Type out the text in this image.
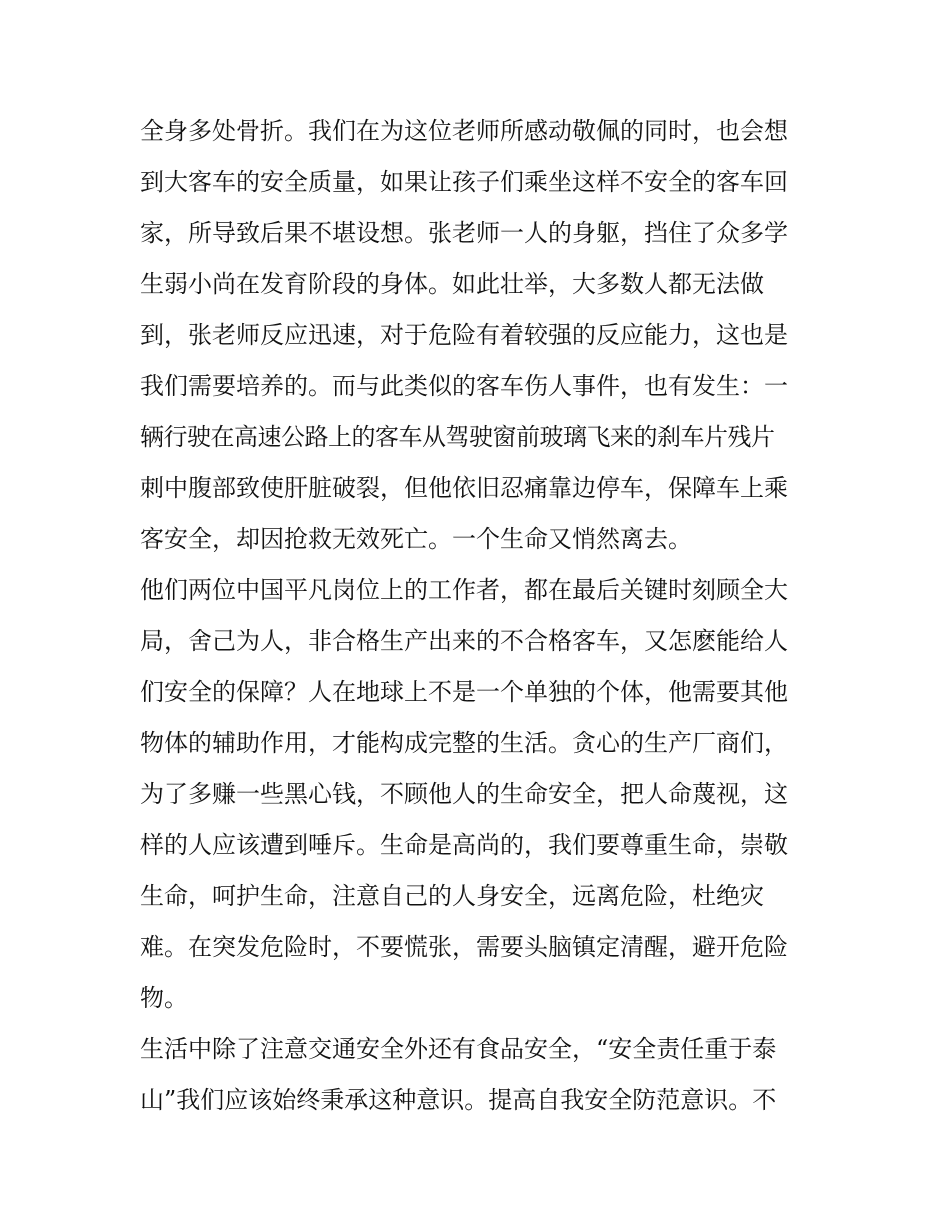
全身多处骨折。我们在为这位老师所感动敬佩的同时，也会想
到大客车的安全质量，如果让孩子们乘坐这样不安全的客车回
家，所导致后果不堪设想。张老师一人的身躯，挡住了众多学
生弱小尚在发育阶段的身体。如此壮举，大多数人都无法做
到，张老师反应迅速，对于危险有着较强的反应能力，这也是
我们需要培养的。而与此类似的客车伤人事件，也有发生：一
辆行驶在高速公路上的客车从驾驶窗前玻璃飞来的刹车片残片
刺中腹部致使肝脏破裂，但他依旧忍痛靠边停车，保障车上乘
客安全，却因抢救无效死亡。一个生命又悄然离去。
他们两位中国平凡岗位上的工作者，都在最后关键时刻顾全大
局，舍己为人，非合格生产出来的不合格客车，又怎麽能给人
们安全的保障？人在地球上不是一个单独的个体，他需要其他
物体的辅助作用，才能构成完整的生活。贪心的生产厂商们，
为了多赚一些黑心钱，不顾他人的生命安全，把人命蔑视，这
样的人应该遭到唾斥。生命是高尚的，我们要尊重生命，崇敬
生命，呵护生命，注意自己的人身安全，远离危险，杜绝灾
难。在突发危险时，不要慌张，需要头脑镇定清醒，避开危险
物。
生活中除了注意交通安全外还有食品安全，“安全责任重于泰
山”我们应该始终秉承这种意识。提高自我安全防范意识。不
